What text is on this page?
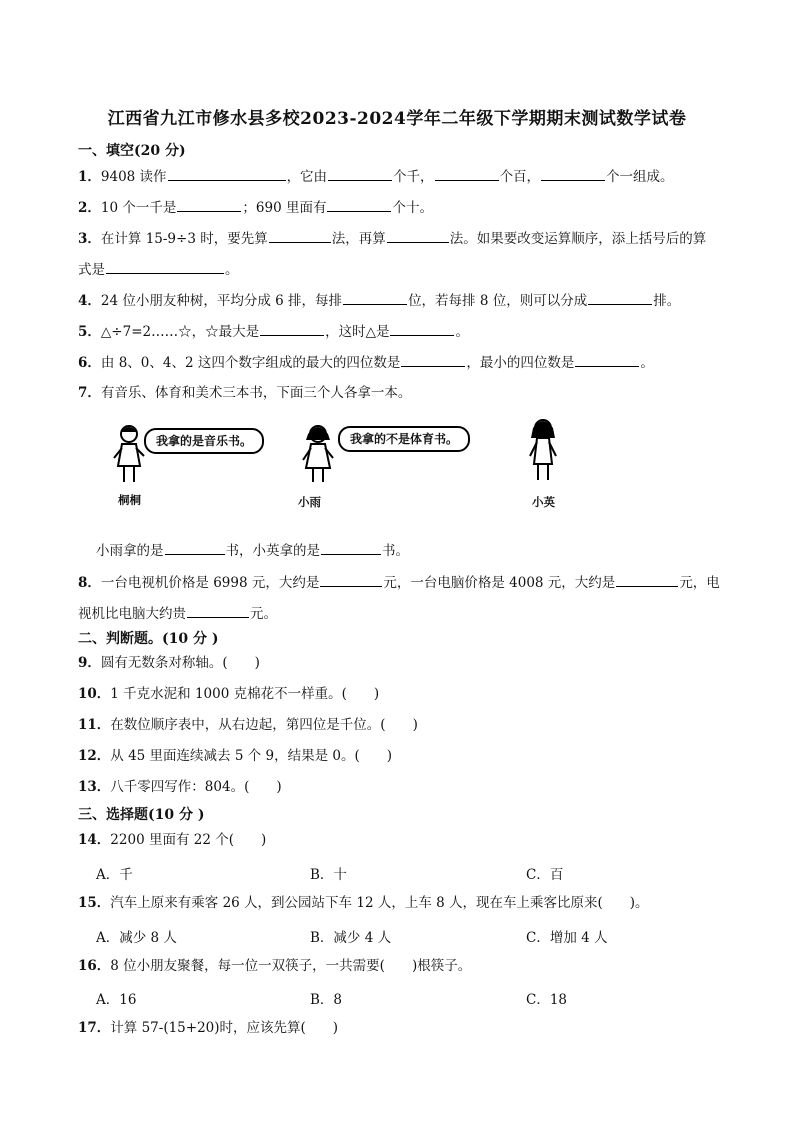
江西省九江市修水县多校2023-2024学年二年级下学期期末测试数学试卷
一、填空(20 分)
1．9408 读作	，它由	个千，	个百，	个一组成。
2．10 个一千是	；690 里面有	个十。
3．在计算 15-9÷3 时，要先算	法，再算	法。如果要改变运算顺序，添上括号后的算
式是	。
4．24 位小朋友种树，平均分成 6 排，每排	位，若每排 8 位，则可以分成	排。
5．△÷7=2……☆，☆最大是	，这时△是	。
6．由 8、0、4、2 这四个数字组成的最大的四位数是	，最小的四位数是	。
7．有音乐、体育和美术三本书，下面三个人各拿一本。
我拿的是音乐书。
桐桐
我拿的不是体育书。
小雨	小英
小雨拿的是	书，小英拿的是	书。
8．一台电视机价格是 6998 元，大约是	元，一台电脑价格是 4008 元，大约是	元，电
视机比电脑大约贵	元。
二、判断题。(10 分 )
9．圆有无数条对称轴。(　　)
10．1 千克水泥和 1000 克棉花不一样重。(　　)
11．在数位顺序表中，从右边起，第四位是千位。(　　)
12．从 45 里面连续减去 5 个 9，结果是 0。(　　)
13．八千零四写作：804。(　　)
三、选择题(10 分 )
14．2200 里面有 22 个(　　)
A．千	B．十	C．百
15．汽车上原来有乘客 26 人，到公园站下车 12 人，上车 8 人，现在车上乘客比原来(　　)。
A．减少 8 人	B．减少 4 人	C．增加 4 人
16．8 位小朋友聚餐，每一位一双筷子，一共需要(　　)根筷子。
A．16	B．8	C．18
17．计算 57-(15+20)时，应该先算(　　)
